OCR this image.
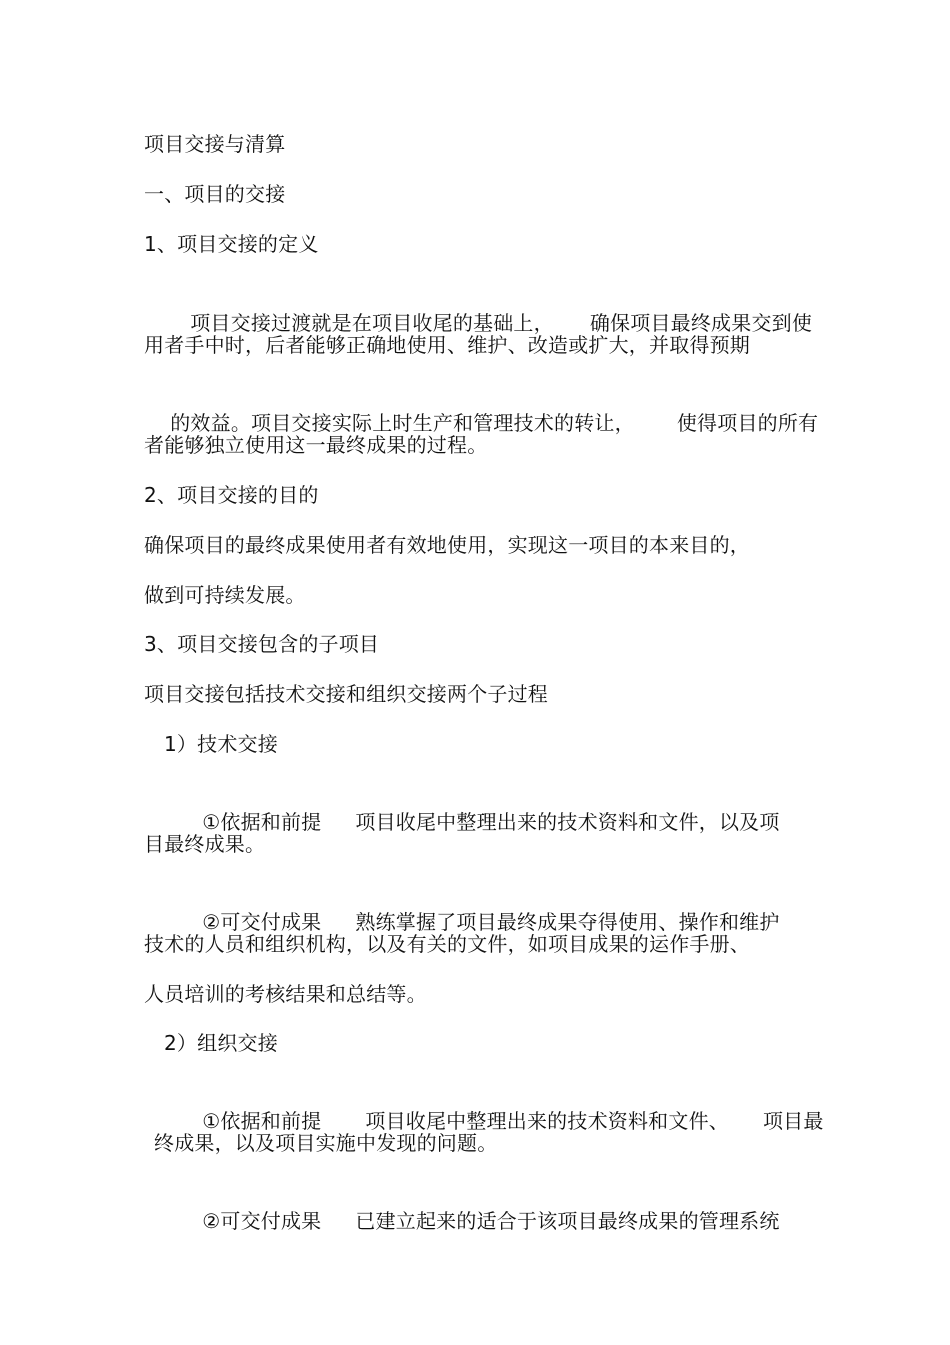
项目交接与清算
一、项目的交接
1、项目交接的定义

项目交接过渡就是在项目收尾的基础上， 确保项目最终成果交到使

用者手中时，后者能够正确地使用、维护、改造或扩大，并取得预期

的效益。项目交接实际上时生产和管理技术的转让， 使得项目的所有

者能够独立使用这一最终成果的过程。
2、项目交接的目的
确保项目的最终成果使用者有效地使用，实现这一项目的本来目的，
做到可持续发展。
3、项目交接包含的子项目
项目交接包括技术交接和组织交接两个子过程
1）技术交接

①依据和前提 项目收尾中整理出来的技术资料和文件，以及项

目最终成果。

②可交付成果 熟练掌握了项目最终成果夺得使用、操作和维护

技术的人员和组织机构，以及有关的文件，如项目成果的运作手册、
人员培训的考核结果和总结等。
2）组织交接

①依据和前提 项目收尾中整理出来的技术资料和文件、 项目最

终成果，以及项目实施中发现的问题。

②可交付成果 已建立起来的适合于该项目最终成果的管理系统
